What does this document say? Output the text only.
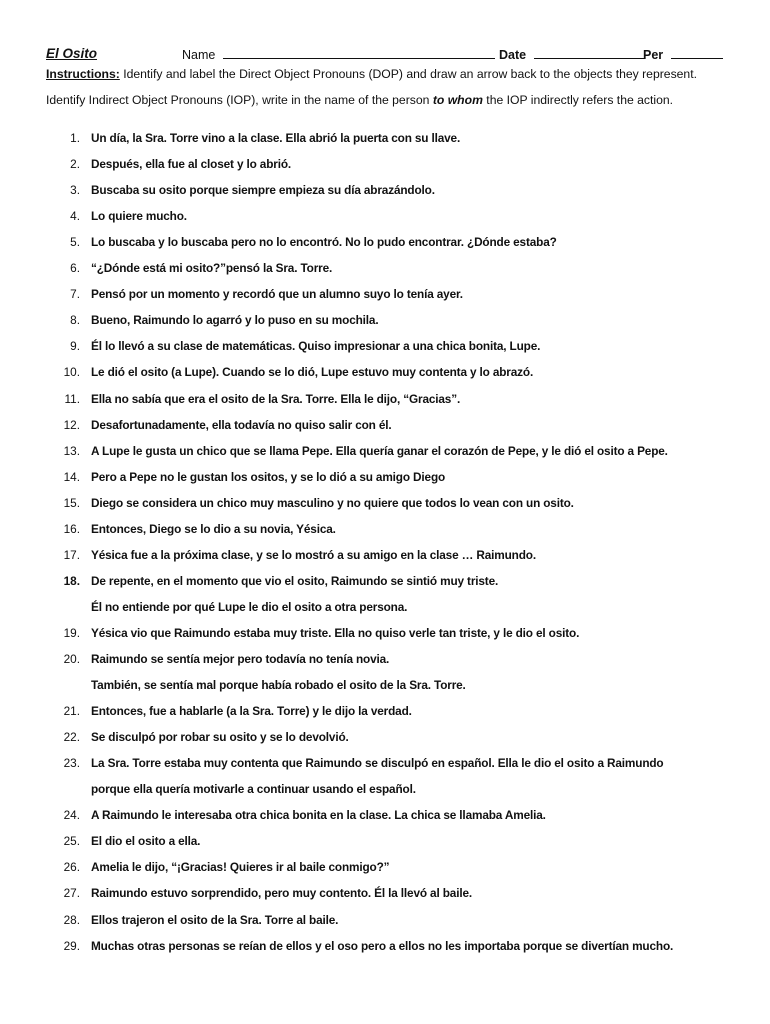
El Osito	Name	Date	Per
Instructions: Identify and label the Direct Object Pronouns (DOP) and draw an arrow back to the objects they represent.
Identify Indirect Object Pronouns (IOP), write in the name of the person to whom the IOP indirectly refers the action.
1. Un día, la Sra. Torre vino a la clase. Ella abrió la puerta con su llave.
2. Después, ella fue al closet y lo abrió.
3. Buscaba su osito porque siempre empieza su día abrazándolo.
4. Lo quiere mucho.
5. Lo buscaba y lo buscaba pero no lo encontró. No lo pudo encontrar. ¿Dónde estaba?
6. “¿Dónde está mi osito?”pensó la Sra. Torre.
7. Pensó por un momento y recordó que un alumno suyo lo tenía ayer.
8. Bueno, Raimundo lo agarró y lo puso en su mochila.
9. Él lo llevó a su clase de matemáticas. Quiso impresionar a una chica bonita, Lupe.
10. Le dió el osito (a Lupe). Cuando se lo dió, Lupe estuvo muy contenta y lo abrazó.
11. Ella no sabía que era el osito de la Sra. Torre. Ella le dijo, “Gracias”.
12. Desafortunadamente, ella todavía no quiso salir con él.
13. A Lupe le gusta un chico que se llama Pepe. Ella quería ganar el corazón de Pepe, y le dió el osito a Pepe.
14. Pero a Pepe no le gustan los ositos, y se lo dió a su amigo Diego
15. Diego se considera un chico muy masculino y no quiere que todos lo vean con un osito.
16. Entonces, Diego se lo dio a su novia, Yésica.
17. Yésica fue a la próxima clase, y se lo mostró a su amigo en la clase … Raimundo.
18. De repente, en el momento que vio el osito, Raimundo se sintió muy triste.
Él no entiende por qué Lupe le dio el osito a otra persona.
19. Yésica vio que Raimundo estaba muy triste. Ella no quiso verle tan triste, y le dio el osito.
20. Raimundo se sentía mejor pero todavía no tenía novia.
También, se sentía mal porque había robado el osito de la Sra. Torre.
21. Entonces, fue a hablarle (a la Sra. Torre) y le dijo la verdad.
22. Se disculpó por robar su osito y se lo devolvió.
23. La Sra. Torre estaba muy contenta que Raimundo se disculpó en español. Ella le dio el osito a Raimundo
porque ella quería motivarle a continuar usando el español.
24. A Raimundo le interesaba otra chica bonita en la clase. La chica se llamaba Amelia.
25. El dio el osito a ella.
26. Amelia le dijo, “¡Gracias! Quieres ir al baile conmigo?”
27. Raimundo estuvo sorprendido, pero muy contento. Él la llevó al baile.
28. Ellos trajeron el osito de la Sra. Torre al baile.
29. Muchas otras personas se reían de ellos y el oso pero a ellos no les importaba porque se divertían mucho.
